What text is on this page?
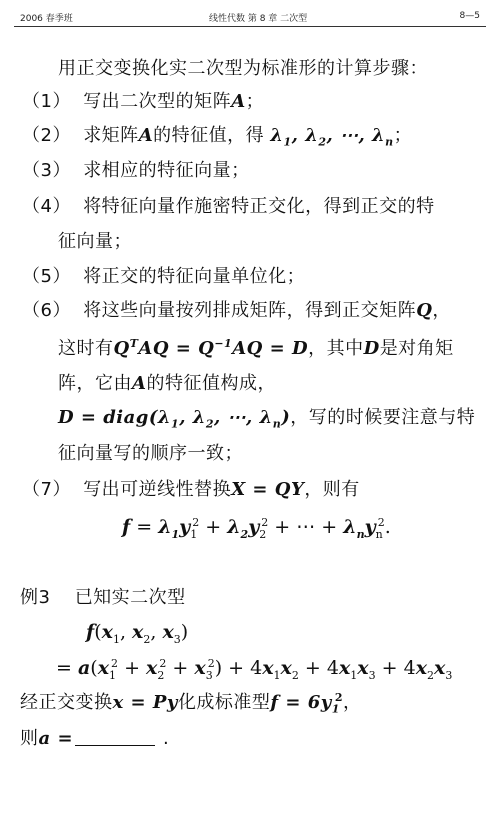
2006 春季班	线性代数 第 8 章 二次型	8—5
用正交变换化实二次型为标准形的计算步骤：
（1） 写出二次型的矩阵A；
（2） 求矩阵A的特征值，得 $\lambda_1$, $\lambda_2$, ⋯, $\lambda_n$；
（3） 求相应的特征向量；
（4） 将特征向量作施密特正交化，得到正交的特
征向量；
（5） 将正交的特征向量单位化；
（6） 将这些向量按列排成矩阵，得到正交矩阵Q，
这时有$Q^TAQ = Q^{-1}AQ = D$，其中D是对角矩
阵，它由A的特征值构成，
$D = diag(\lambda_1$, $\lambda_2$, ⋯, $\lambda_n$)，写的时候要注意与特
征向量写的顺序一致；
（7） 写出可逆线性替换X = QY，则有
$f = \lambda_1y_1^2 + \lambda_2y_2^2$ + ⋯ + $\lambda_ny_n^2$.
例3 已知实二次型
$f(x_1$, $x_2$, $x_3$)
= $a(x_1^2 + x_2^2 + x_3^2) + 4x_1x_2 + 4x_1x_3 + 4x_2x_3$
经正交变换x = Py化成标准型$f = 6y_1^2$，
则a =	.
